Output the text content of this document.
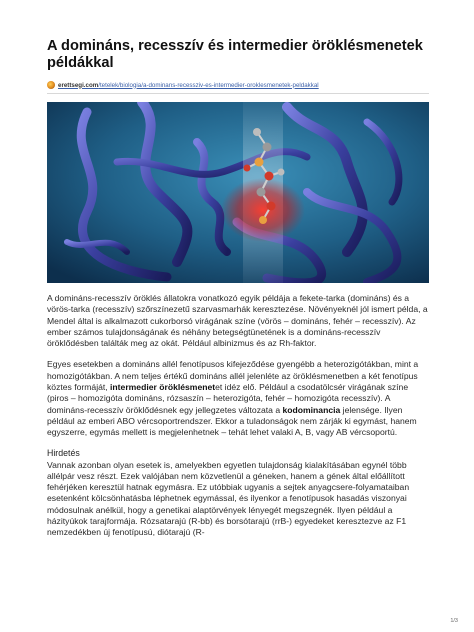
A domináns, recesszív és intermedier öröklésmenetek példákkal
erettsegi.com/tetelek/biologia/a-dominans-recessziv-es-intermedier-oroklesmenetek-peldakkal

A domináns-recesszív öröklés állatokra vonatkozó egyik példája a fekete-tarka (domináns) és a vörös-tarka (recesszív) szőrszínezetű szarvasmarhák keresztezése. Növényeknél jól ismert példa, a Mendel által is alkalmazott cukorborsó virágának színe (vörös – domináns, fehér – recesszív). Az ember számos tulajdonságának és néhány betegségtünetének is a domináns-recesszív öröklődésben találták meg az okát. Például albinizmus és az Rh-faktor.

Egyes esetekben a domináns allél fenotípusos kifejeződése gyengébb a heterozigótákban, mint a homozigótákban. A nem teljes értékű domináns allél jelenléte az öröklésmenetben a két fenotípus köztes formáját, intermedier öröklésmenetet idéz elő. Például a csodatölcsér virágának színe (piros – homozigóta domináns, rózsaszín – heterozigóta, fehér – homozigóta recesszív). A domináns-recesszív öröklődésnek egy jellegzetes változata a kodominancia jelensége. Ilyen például az emberi ABO vércsoportrendszer. Ekkor a tuladonságok nem zárják ki egymást, hanem egyszerre, egymás mellett is megjelenhetnek – tehát lehet valaki A, B, vagy AB vércsoportú.

Hirdetés

Vannak azonban olyan esetek is, amelyekben egyetlen tulajdonság kialakításában egynél több allélpár vesz részt. Ezek valójában nem közvetlenül a géneken, hanem a gének által előállított fehérjéken keresztül hatnak egymásra. Ez utóbbiak ugyanis a sejtek anyagcsere-folyamataiban esetenként kölcsönhatásba léphetnek egymással, és ilyenkor a fenotípusok hasadás viszonyai módosulnak anélkül, hogy a genetikai alaptörvények lényegét megszegnék. Ilyen például a házityúkok tarajformája. Rózsatarajú (R-bb) és borsótarajú (rrB-) egyedeket keresztezve az F1 nemzedékben új fenotípusú, diótarajú (R-

1/3
